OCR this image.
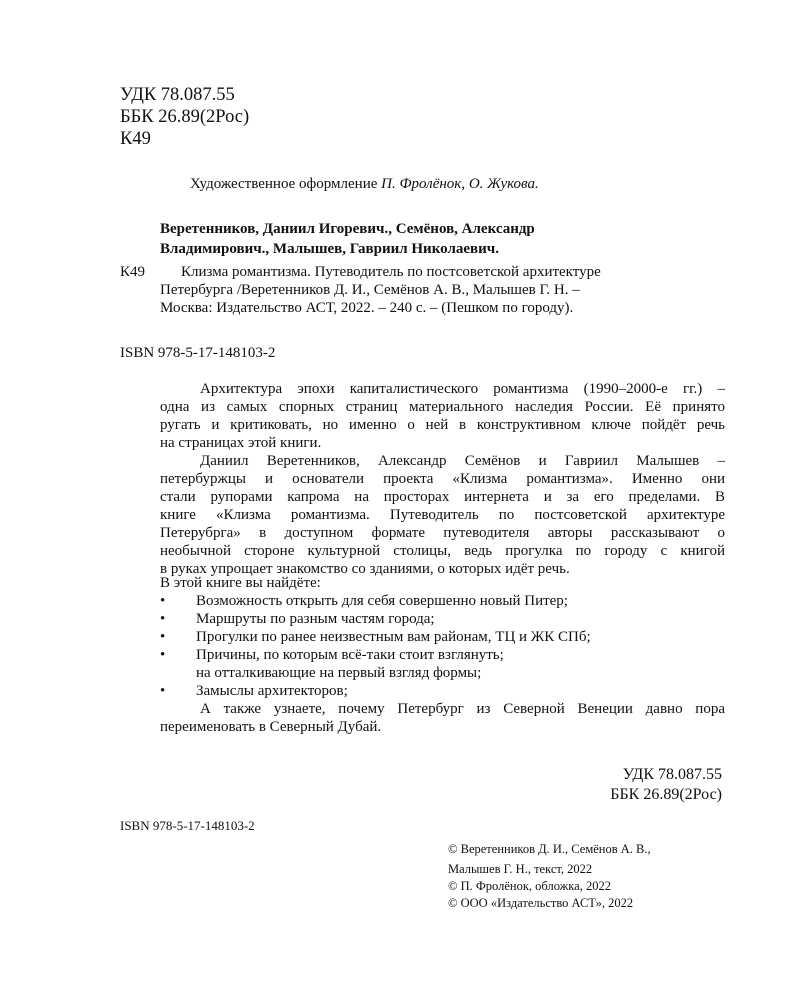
УДК 78.087.55
ББК 26.89(2Рос)
К49
Художественное оформление П. Фролёнок, О. Жукова.
Веретенников, Даниил Игоревич., Семёнов, Александр
Владимирович., Малышев, Гавриил Николаевич.
К49 Клизма романтизма. Путеводитель по постсоветской архитектуре
Петербурга /Веретенников Д. И., Семёнов А. В., Малышев Г. Н. –
Москва: Издательство АСТ, 2022. – 240 с. – (Пешком по городу).
ISBN 978-5-17-148103-2
Архитектура эпохи капиталистического романтизма (1990–2000-е гг.) –
одна из самых спорных страниц материального наследия России. Её принято
ругать и критиковать, но именно о ней в конструктивном ключе пойдёт речь
на страницах этой книги.
Даниил Веретенников, Александр Семёнов и Гавриил Малышев –
петербуржцы и основатели проекта «Клизма романтизма». Именно они
стали рупорами капрома на просторах интернета и за его пределами. В
книге «Клизма романтизма. Путеводитель по постсоветской архитектуре
Петерубрга» в доступном формате путеводителя авторы рассказывают о
необычной стороне культурной столицы, ведь прогулка по городу с книгой
в руках упрощает знакомство со зданиями, о которых идёт речь.
В этой книге вы найдёте:
• Возможность открыть для себя совершенно новый Питер;
• Маршруты по разным частям города;
• Прогулки по ранее неизвестным вам районам, ТЦ и ЖК СПб;
• Причины, по которым всё-таки стоит взглянуть;
на отталкивающие на первый взгляд формы;
• Замыслы архитекторов;
А также узнаете, почему Петербург из Северной Венеции давно пора
переименовать в Северный Дубай.
УДК 78.087.55
ББК 26.89(2Рос)
ISBN 978-5-17-148103-2
© Веретенников Д. И., Семёнов А. В.,
Малышев Г. Н., текст, 2022
© П. Фролёнок, обложка, 2022
© ООО «Издательство АСТ», 2022
